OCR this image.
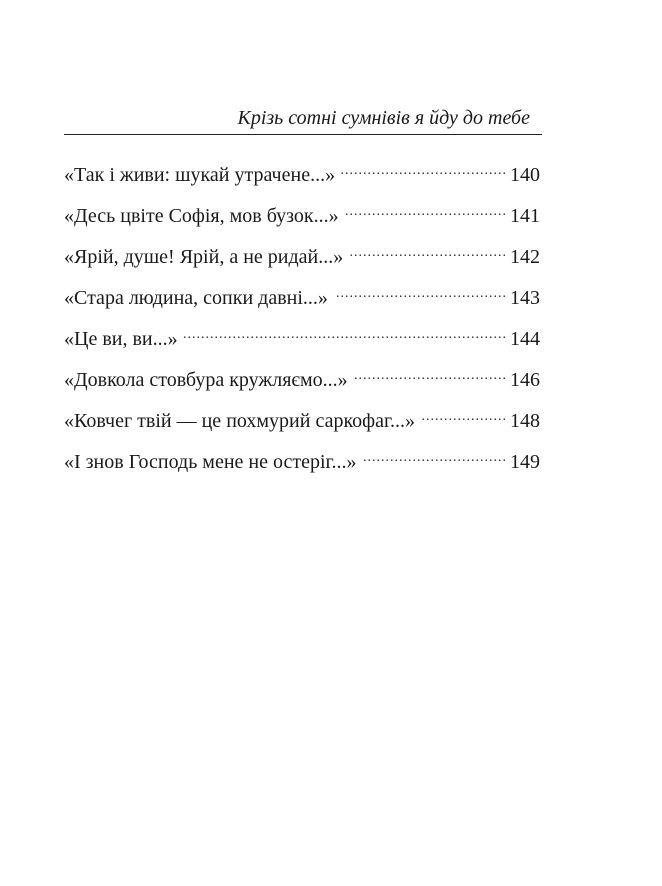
Крізь сотні сумнівів я йду до тебе
«Так і живи: шукай утрачене...» .....	140
«Десь цвіте Софія, мов бузок...» .....	141
«Ярій, душе! Ярій, а не ридай...» .....	142
«Стара людина, сопки давні...» .....	143
«Це ви, ви...» .....	144
«Довкола стовбура кружляємо...» .....	146
«Ковчег твій — це похмурий саркофаг...» .....	148
«І знов Господь мене не остеріг...» .....	149
